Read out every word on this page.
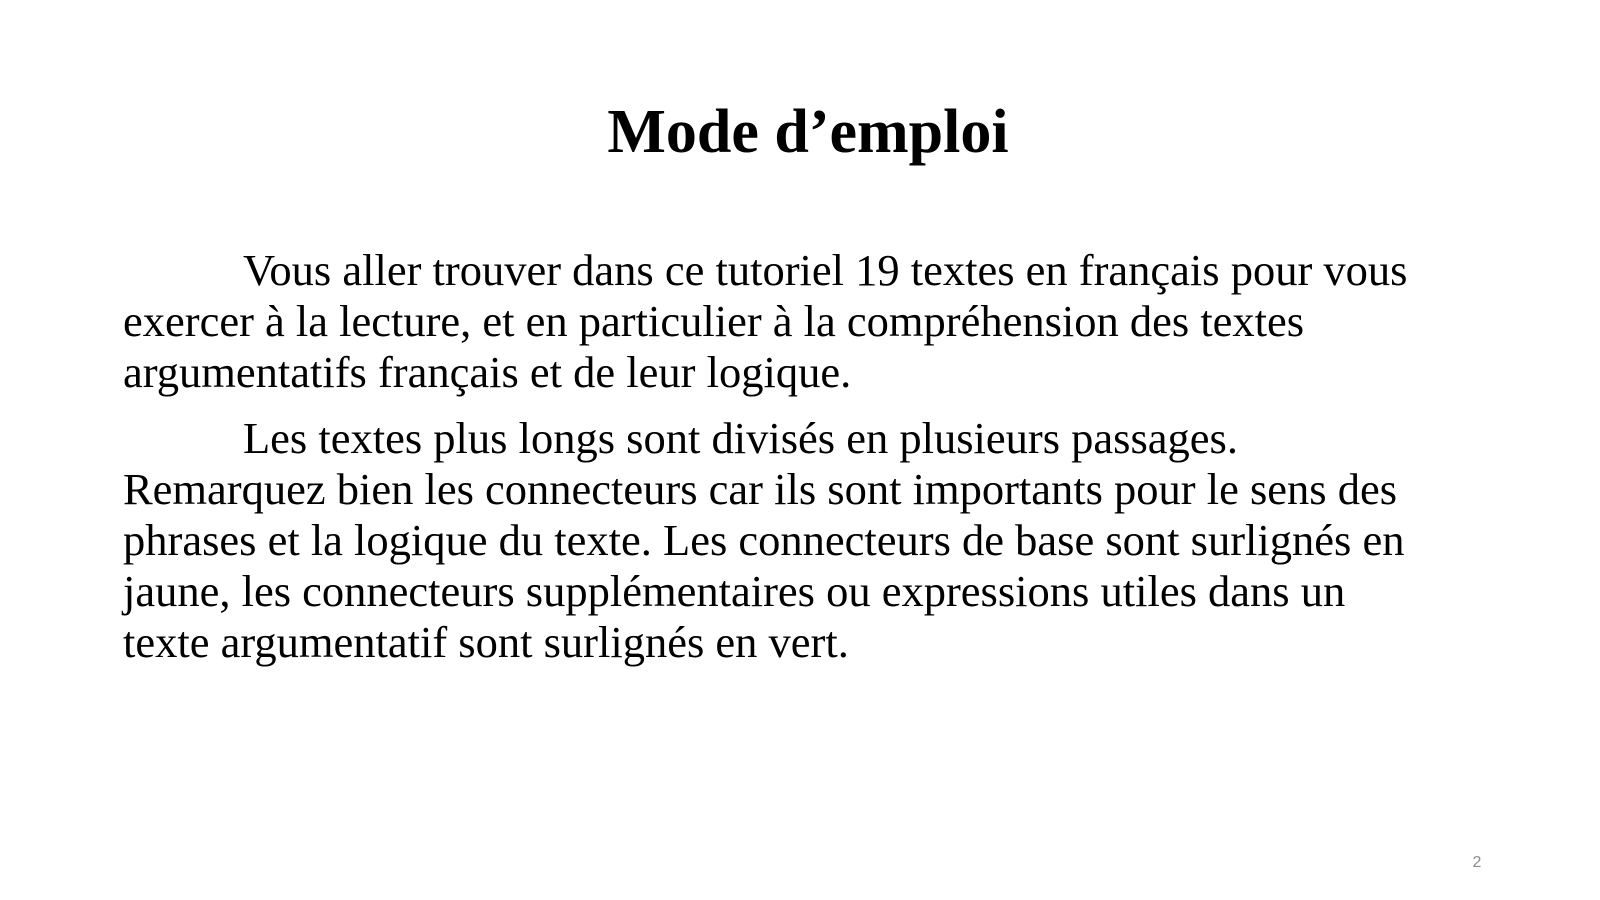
Mode d’emploi

Vous aller trouver dans ce tutoriel 19 textes en français pour vous
exercer à la lecture, et en particulier à la compréhension des textes
argumentatifs français et de leur logique.

Les textes plus longs sont divisés en plusieurs passages.
Remarquez bien les connecteurs car ils sont importants pour le sens des
phrases et la logique du texte. Les connecteurs de base sont surlignés en
jaune, les connecteurs supplémentaires ou expressions utiles dans un
texte argumentatif sont surlignés en vert.

2
